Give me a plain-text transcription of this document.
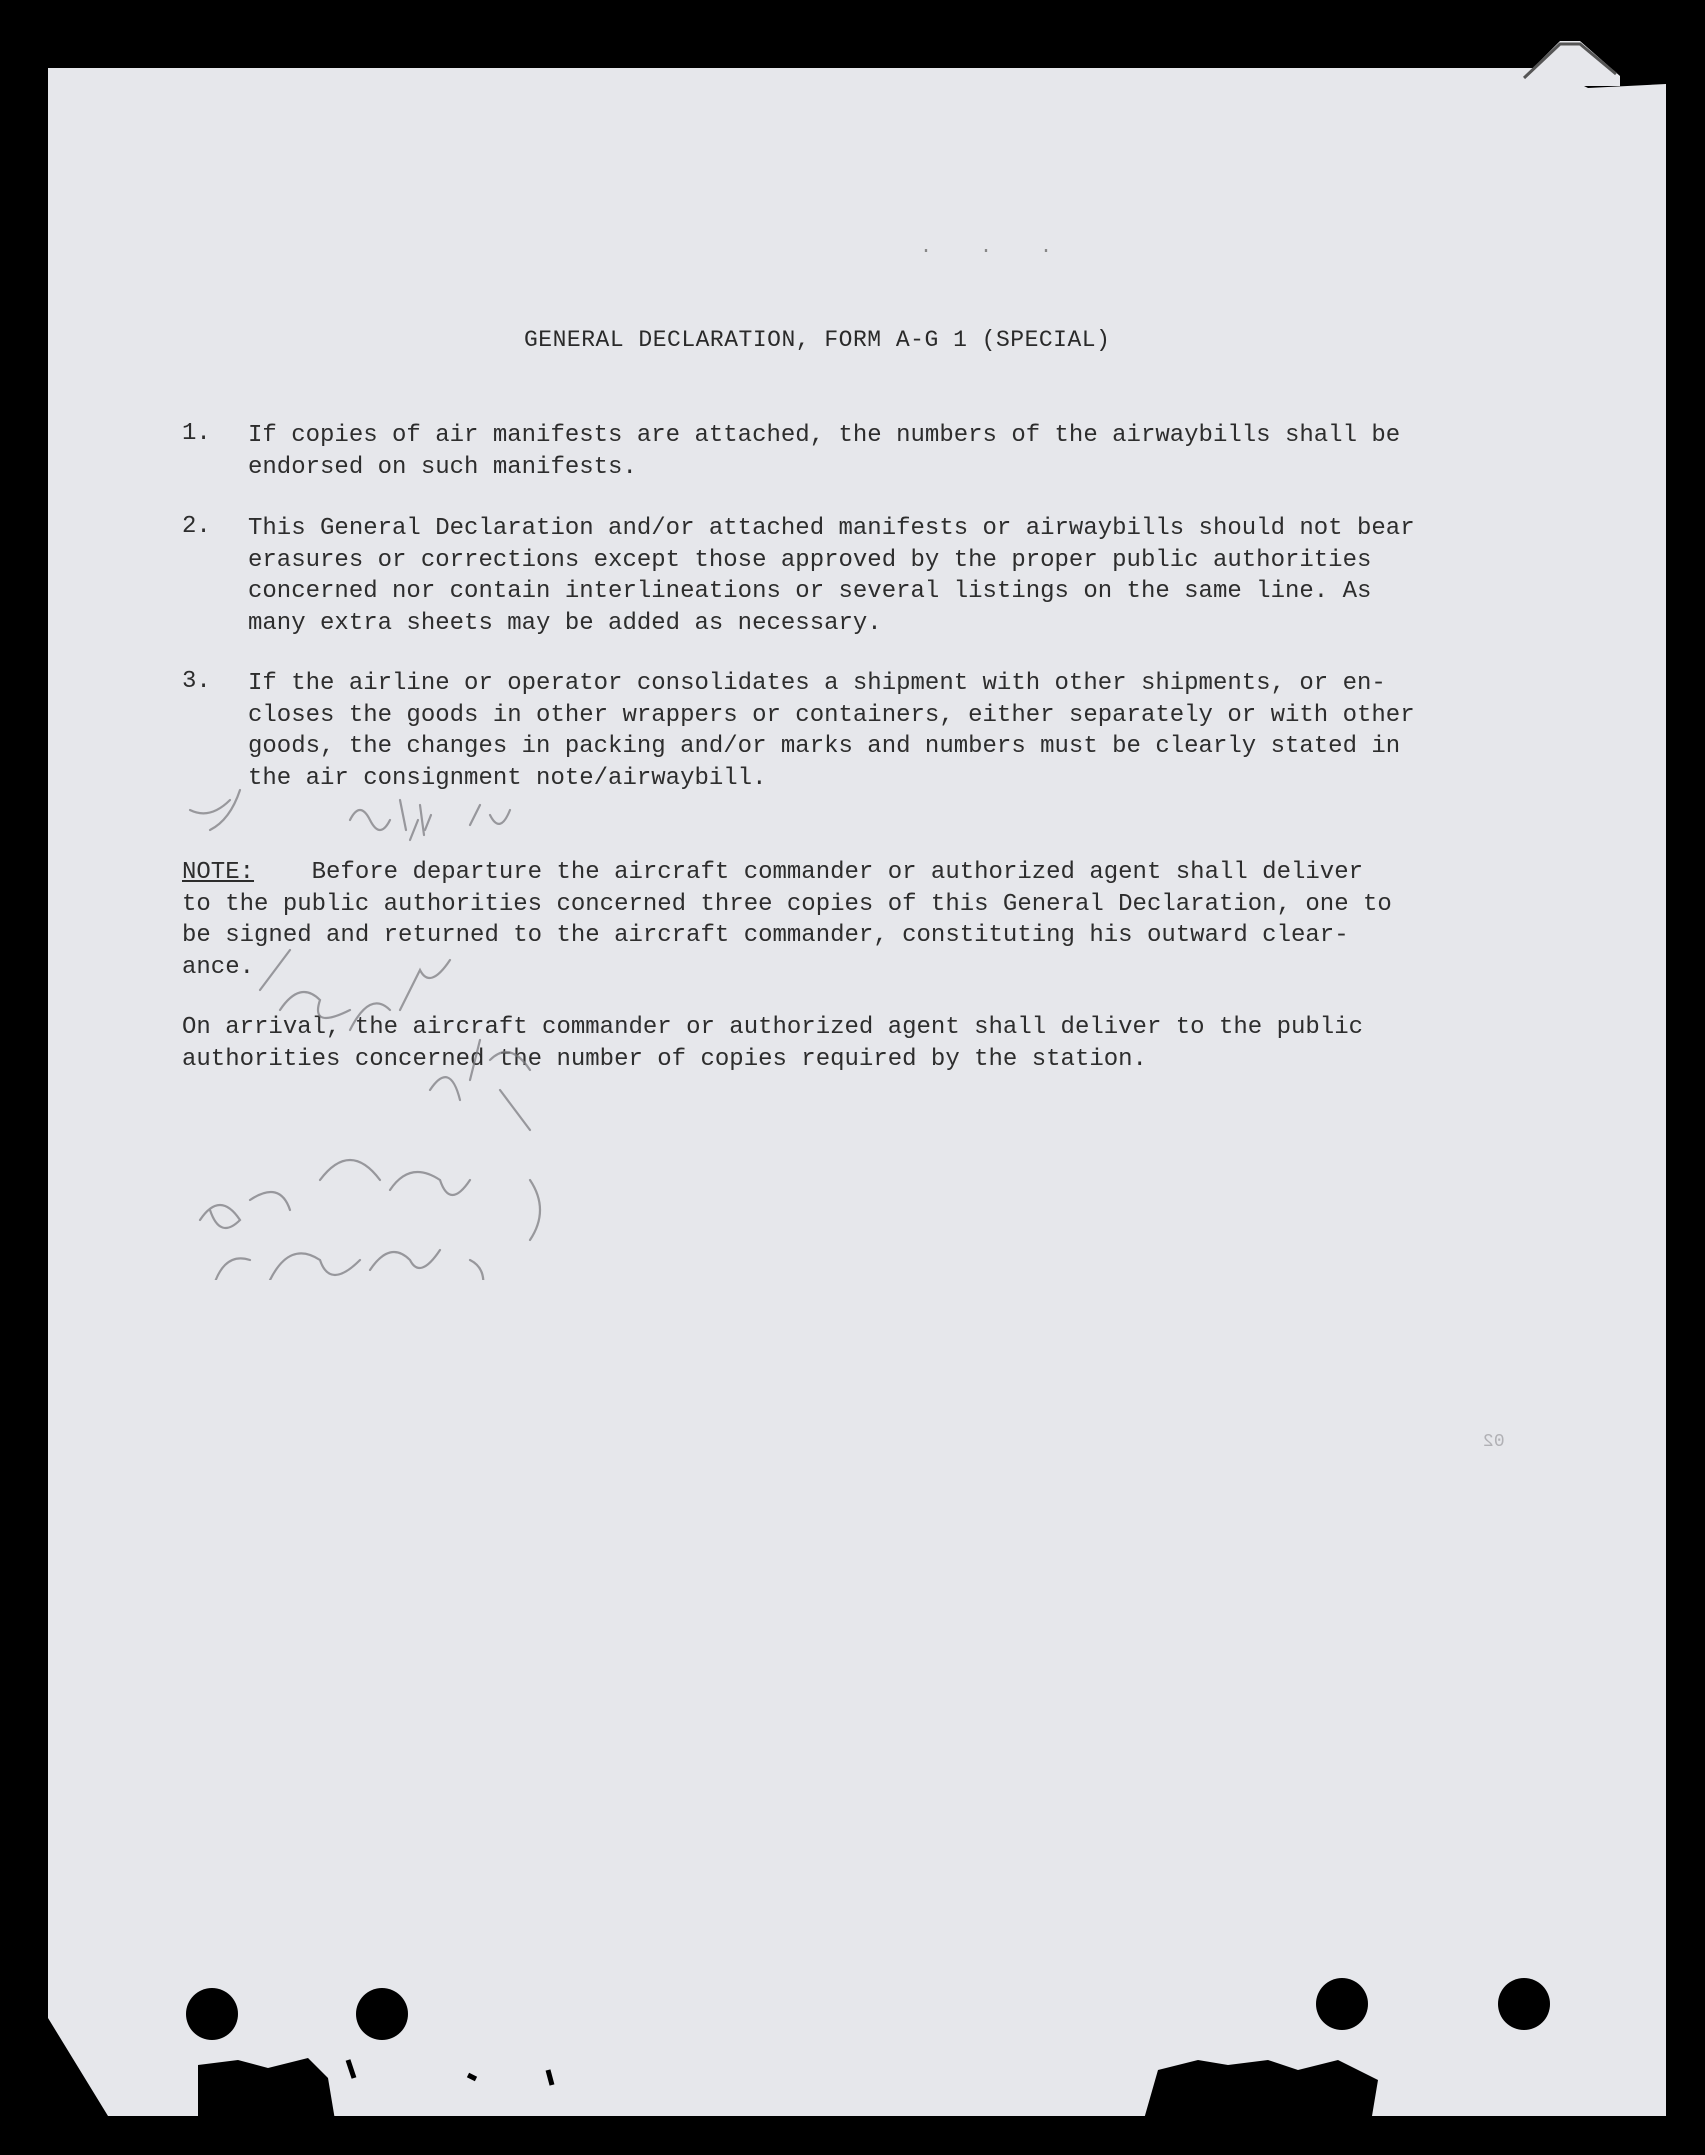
· · ·
GENERAL DECLARATION, FORM A-G 1 (SPECIAL)
1. If copies of air manifests are attached, the numbers of the airwaybills shall be
endorsed on such manifests.
2. This General Declaration and/or attached manifests or airwaybills should not bear
erasures or corrections except those approved by the proper public authorities
concerned nor contain interlineations or several listings on the same line. As
many extra sheets may be added as necessary.
3. If the airline or operator consolidates a shipment with other shipments, or en-
closes the goods in other wrappers or containers, either separately or with other
goods, the changes in packing and/or marks and numbers must be clearly stated in
the air consignment note/airwaybill.
NOTE: Before departure the aircraft commander or authorized agent shall deliver
to the public authorities concerned three copies of this General Declaration, one to
be signed and returned to the aircraft commander, constituting his outward clear-
ance.
On arrival, the aircraft commander or authorized agent shall deliver to the public
authorities concerned the number of copies required by the station.
02
